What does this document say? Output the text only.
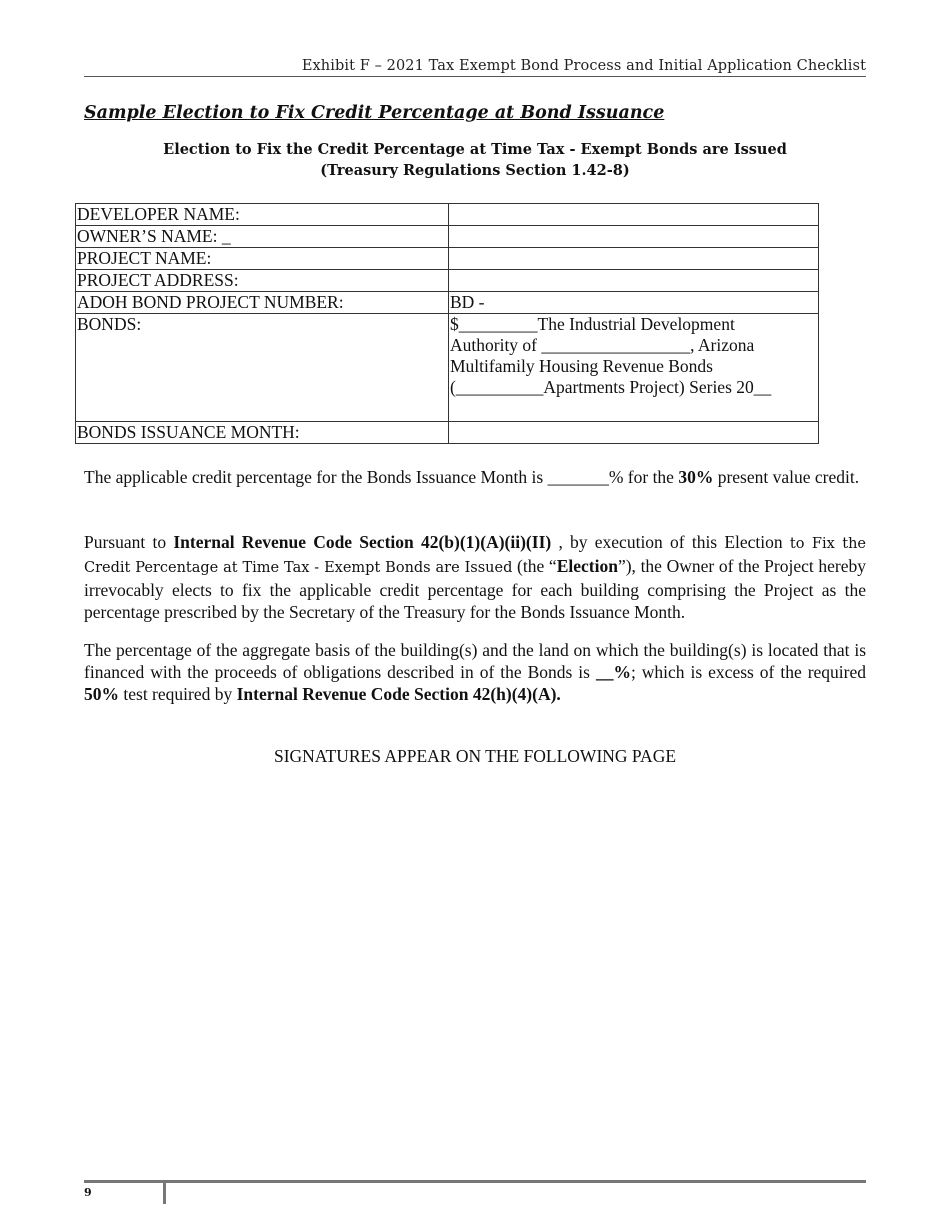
Exhibit F – 2021 Tax Exempt Bond Process and Initial Application Checklist
Sample Election to Fix Credit Percentage at Bond Issuance
Election to Fix the Credit Percentage at Time Tax - Exempt Bonds are Issued
(Treasury Regulations Section 1.42-8)
DEVELOPER NAME:	
OWNER’S NAME: _	
PROJECT NAME:	
PROJECT ADDRESS:	
ADOH BOND PROJECT NUMBER:	BD -
BONDS:	$_________The Industrial Development
Authority of _________________, Arizona
Multifamily Housing Revenue Bonds
(__________Apartments Project) Series 20__

BONDS ISSUANCE MONTH:	
The applicable credit percentage for the Bonds Issuance Month is _______% for the 30% present value credit.
Pursuant to Internal Revenue Code Section 42(b)(1)(A)(ii)(II) , by execution of this Election to Fix the Credit Percentage at Time Tax - Exempt Bonds are Issued (the “Election”), the Owner of the Project hereby irrevocably elects to fix the applicable credit percentage for each building comprising the Project as the percentage prescribed by the Secretary of the Treasury for the Bonds Issuance Month.
The percentage of the aggregate basis of the building(s) and the land on which the building(s) is located that is financed with the proceeds of obligations described in of the Bonds is __%; which is excess of the required 50% test required by Internal Revenue Code Section 42(h)(4)(A).
SIGNATURES APPEAR ON THE FOLLOWING PAGE
9
